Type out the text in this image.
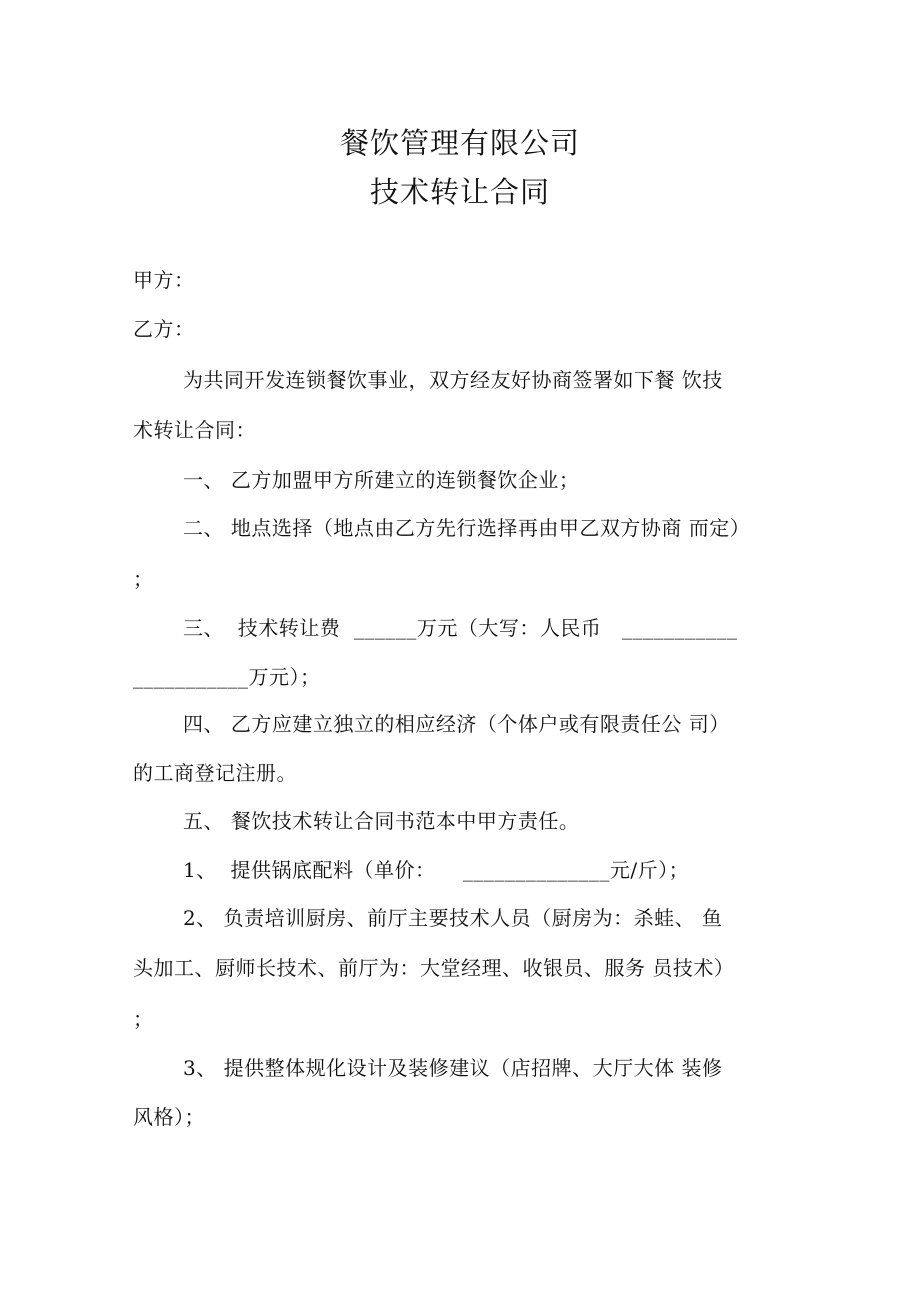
餐饮管理有限公司
技术转让合同
甲方：
乙方：
为共同开发连锁餐饮事业，双方经友好协商签署如下餐 饮技
术转让合同：
一、 乙方加盟甲方所建立的连锁餐饮企业；
二、 地点选择（地点由乙方先行选择再由甲乙双方协商 而定）
；
三、  技术转让费  ______万元（大写：人民币   ___________
___________万元）；
四、 乙方应建立独立的相应经济（个体户或有限责任公 司）
的工商登记注册。
五、 餐饮技术转让合同书范本中甲方责任。
1、  提供锅底配料（单价：    ______________元/斤）；
2、 负责培训厨房、前厅主要技术人员（厨房为：杀蛙、 鱼
头加工、厨师长技术、前厅为：大堂经理、收银员、服务 员技术）
；
3、 提供整体规化设计及装修建议（店招牌、大厅大体 装修
风格）；
